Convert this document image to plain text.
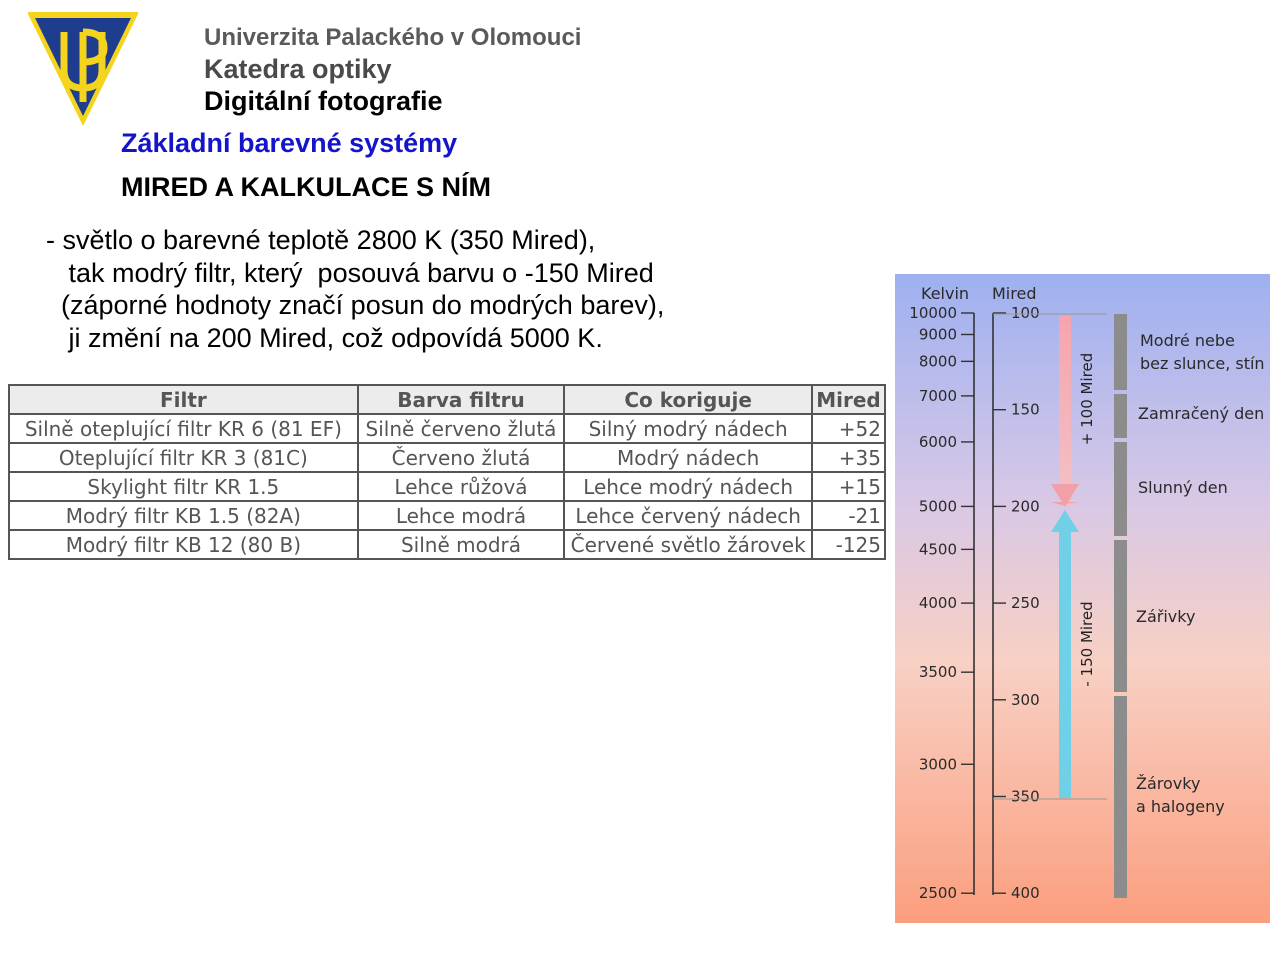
Univerzita Palackého v Olomouci

Katedra optiky

Digitální fotografie

Základní barevné systémy

MIRED A KALKULACE S NÍM

- světlo o barevné teplotě 2800 K (350 Mired),
tak modrý filtr, který  posouvá barvu o -150 Mired
(záporné hodnoty značí posun do modrých barev),
ji změní na 200 Mired, což odpovídá 5000 K.
Filtr	Barva filtru	Co koriguje	Mired
Silně oteplující filtr KR 6 (81 EF)	Silně červeno žlutá	Silný modrý nádech	+52
Oteplující filtr KR 3 (81C)	Červeno žlutá	Modrý nádech	+35
Skylight filtr KR 1.5	Lehce růžová	Lehce modrý nádech	+15
Modrý filtr KB 1.5 (82A)	Lehce modrá	Lehce červený nádech	-21
Modrý filtr KB 12 (80 B)	Silně modrá	Červené světlo žárovek	-125
Kelvin Mired
10000
9000
8000
7000
6000
5000
4500
4000
3500
3000
2500
100
150
200
250
300
350
400
+ 100 Mired
- 150 Mired
Modré nebe
bez slunce, stín
Zamračený den
Slunný den
Zářivky
Žárovky
a halogeny
